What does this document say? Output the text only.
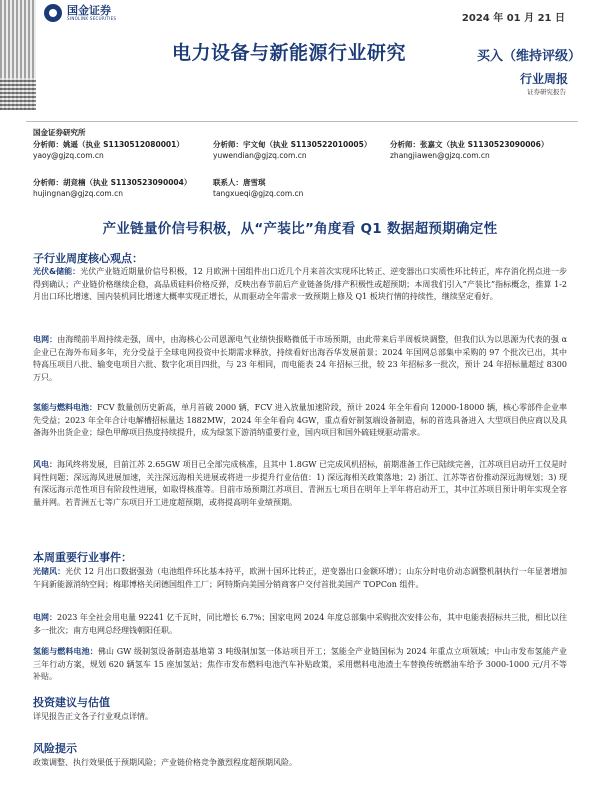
国金证券
SINOLINK SECURITIES	2024 年 01 月 21 日
电力设备与新能源行业研究	买入（维持评级）
行业周报
证券研究报告
国金证券研究所
分析师：姚遥（执业 S1130512080001）
yaoy@gjzq.com.cn
分析师：宇文甸（执业 S1130522010005）
yuwendian@gjzq.com.cn
分析师：张嘉文（执业 S1130523090006）
zhangjiawen@gjzq.com.cn
分析师：胡竞楠（执业 S1130523090004）
hujingnan@gjzq.com.cn
联系人：唐雪琪
tangxueqi@gjzq.com.cn
产业链量价信号积极，从“产装比”角度看 Q1 数据超预期确定性
子行业周度核心观点：
光伏&储能：光伏产业链近期量价信号积极，12 月欧洲十国组件出口近几个月来首次实现环比转正、逆变器出口实质性环比转正，库存消化拐点进一步得到确认；产业链价格继续企稳，高品质硅料价格反弹，反映出春节前后产业链备货/排产积极性或超预期；本周我们引入“产装比”指标概念，推算 1-2 月出口环比增速、国内装机同比增速大概率实现正增长，从而驱动全年需求一致预期上修及 Q1 板块行情的持续性，继续坚定看好。
电网：由海缆前半周持续走强，周中，由海核心公司恩源电气业绩快报略微低于市场预期，由此带来后半周板块调整，但我们认为以思源为代表的强 α 企业已在海外布局多年，充分受益于全球电网投资中长期需求释放，持续看好出海吞华发展前景；2024 年国网总部集中采购的 97 个批次已出，其中特高压项目八批、输变电项目六批、数字化项目四批，与 23 年相同，而电能表 24 年招标三批，较 23 年招标多一批次，预计 24 年招标量超过 8300 万只。
氢能与燃料电池：FCV 数量创历史新高，单月首破 2000 辆，FCV 进入放量加速阶段，预计 2024 年全年看向 12000-18000 辆，核心零部件企业率先受益；2023 年全年合计电解槽招标量达 1882MW，2024 年全年看向 4GW，重点看好制氢端设备制造，标的首选具备进入 大型项目供应商以及具备海外出货企业；绿色甲醇项目热度持续提升，成为绿氢下游消纳重要行业，国内项目和国外硫硅规驱动需求。
风电：海风终将发展，目前江苏 2.65GW 项目已全部完成核准，且其中 1.8GW 已完成风机招标，前期准备工作已陆续完善，江苏项目启动开工仅是时间性问题；深远海风进展加速，关注深远海相关进展或将进一步提升行业估值：1) 深远海相关政策落地；2) 浙江、江苏等省份推动深远海规划；3) 现有深远海示范性项目有阶段性进展，如取得核准等。目前市场预期江苏项目、青洲五七项目在明年上半年将启动开工，其中江苏项目预计明年实现全容量并网。若青洲五七等广东项目开工进度超预期，或将提高明年业绩预期。
本周重要行业事件：
光储风：光伏 12 月出口数据强劲（电池组件环比基本持平，欧洲十国环比转正，逆变器出口金额环增）；山东分时电价动态调整机制执行一年显著增加午间新能源消纳空间；梅耶博格关闭德国组件工厂；阿特斯向美国分销商客户交付首批美国产 TOPCon 组件。
电网：2023 年全社会用电量 92241 亿千瓦时，同比增长 6.7%；国家电网 2024 年度总部集中采购批次安排公布，其中电能表招标共三批，相比以往多一批次；南方电网总经理钱朝阳任职。
氢能与燃料电池：佛山 GW 级制氢设备制造基地第 3 吨级制加氢一体站项目开工；氢能全产业链国标为 2024 年重点立项领域；中山市发布氢能产业三年行动方案，规划 620 辆氢车 15 座加氢站；焦作市发布燃料电池汽车补贴政策，采用燃料电池渣土车替换传统燃油车给予 3000-1000 元/月不等补贴。
投资建议与估值
详见报告正文各子行业观点详情。
风险提示
政策调整、执行效果低于预期风险；产业链价格竞争激烈程度超预期风险。
